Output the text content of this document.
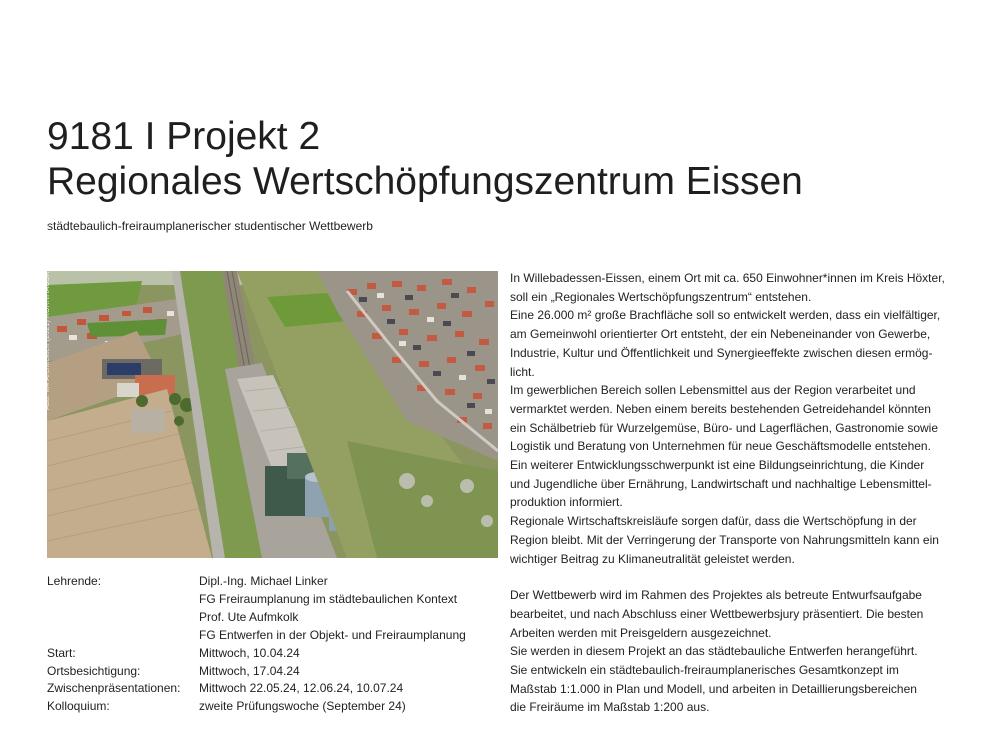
9181 I Projekt 2
Regionales Wertschöpfungszentrum Eissen
städtebaulich-freiraumplanerischer studentischer Wettbewerb
Abb. M4 Architekten (2021) KORNHAUSREAL IN EISSEN	In Willebadessen-Eissen, einem Ort mit ca. 650 Einwohner*innen im Kreis Höxter,

soll ein „Regionales Wertschöpfungszentrum“ entstehen.

Eine 26.000 m² große Brachfläche soll so entwickelt werden, dass ein vielfältiger,

am Gemeinwohl orientierter Ort entsteht, der ein Nebeneinander von Gewerbe,

Industrie, Kultur und Öffentlichkeit und Synergieeffekte zwischen diesen ermög-

licht.

Im gewerblichen Bereich sollen Lebensmittel aus der Region verarbeitet und

vermarktet werden. Neben einem bereits bestehenden Getreidehandel könnten

ein Schälbetrieb für Wurzelgemüse, Büro- und Lagerflächen, Gastronomie sowie

Logistik und Beratung von Unternehmen für neue Geschäftsmodelle entstehen.

Ein weiterer Entwicklungsschwerpunkt ist eine Bildungseinrichtung, die Kinder

und Jugendliche über Ernährung, Landwirtschaft und nachhaltige Lebensmittel-

produktion informiert.

Regionale Wirtschaftskreisläufe sorgen dafür, dass die Wertschöpfung in der

Region bleibt. Mit der Verringerung der Transporte von Nahrungsmitteln kann ein

wichtiger Beitrag zu Klimaneutralität geleistet werden.

Der Wettbewerb wird im Rahmen des Projektes als betreute Entwurfsaufgabe

bearbeitet, und nach Abschluss einer Wettbewerbsjury präsentiert. Die besten

Arbeiten werden mit Preisgeldern ausgezeichnet.

Sie werden in diesem Projekt an das städtebauliche Entwerfen herangeführt.

Sie entwickeln ein städtebaulich-freiraumplanerisches Gesamtkonzept im

Maßstab 1:1.000 in Plan und Modell, und arbeiten in Detaillierungsbereichen

die Freiräume im Maßstab 1:200 aus.

Lehrende:	Dipl.-Ing. Michael Linker
FG Freiraumplanung im städtebaulichen Kontext
Prof. Ute Aufmkolk
FG Entwerfen in der Objekt- und Freiraumplanung
Start:	Mittwoch, 10.04.24
Ortsbesichtigung:	Mittwoch, 17.04.24
Zwischenpräsentationen:	Mittwoch 22.05.24, 12.06.24, 10.07.24
Kolloquium:	zweite Prüfungswoche (September 24)
